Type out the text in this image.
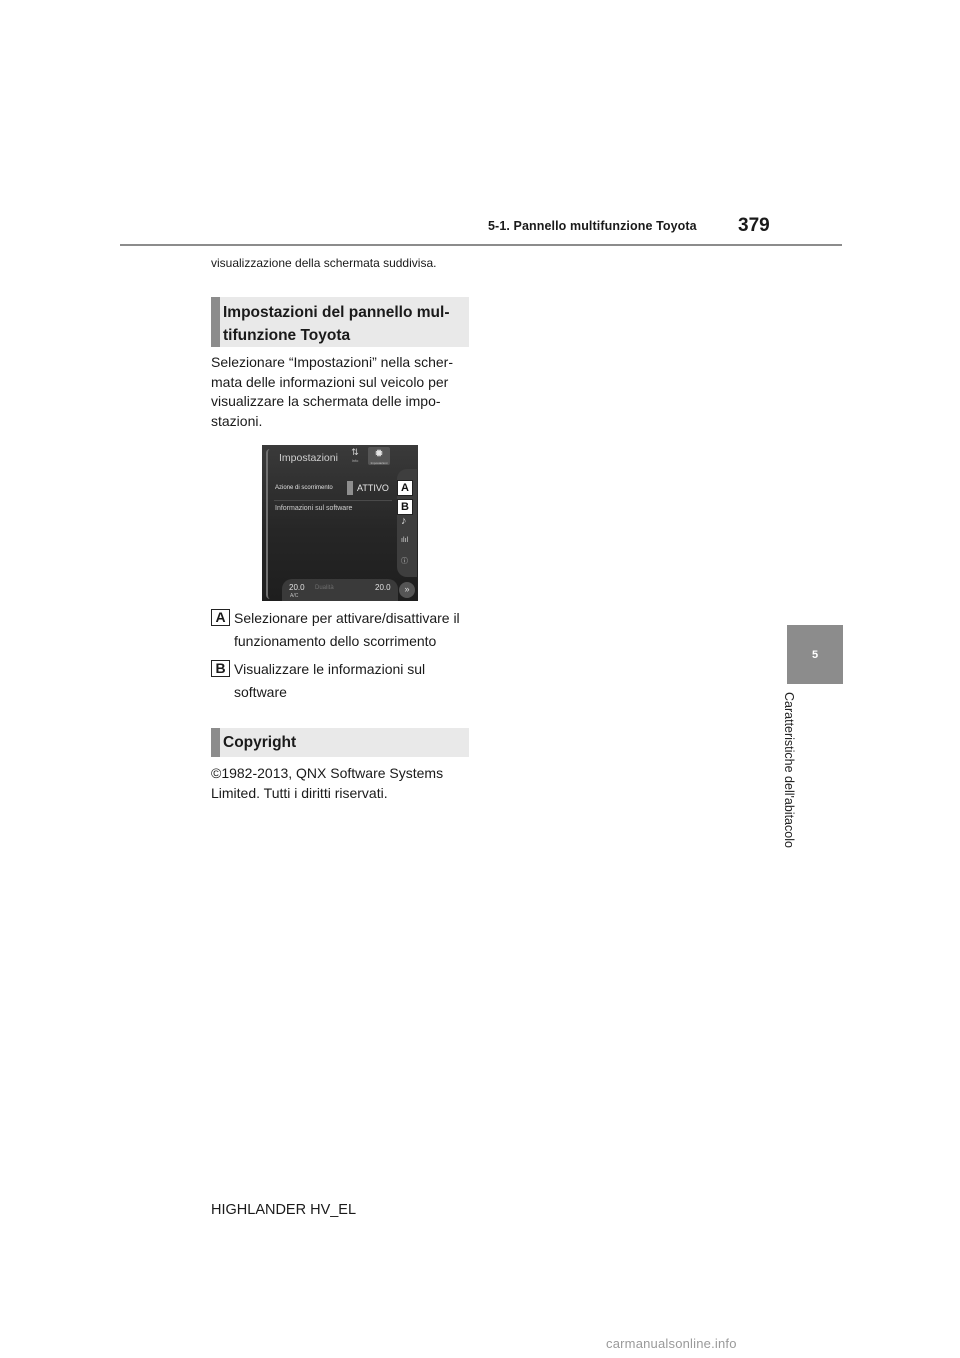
5-1. Pannello multifunzione Toyota 379
5
Caratteristiche dell'abitacolo
visualizzazione della schermata suddivisa.
Impostazioni del pannello mul-
tifunzione Toyota
Selezionare “Impostazioni” nella scher-mata delle informazioni sul veicolo per visualizzare la schermata delle impo-stazioni.
Impostazioni	⇅
Info
✹
Impostazioni
Azione di scorrimento	ATTIVO
Informazioni sul software
A
B
♪
ılıl
ⓘ
20.0	20.0
A/C
Dualità	»
A Selezionare per attivare/disattivare il funzionamento dello scorrimento
B Visualizzare le informazioni sul software
Copyright
©1982-2013, QNX Software Systems Limited. Tutti i diritti riservati.
HIGHLANDER HV_EL
carmanualsonline.info
